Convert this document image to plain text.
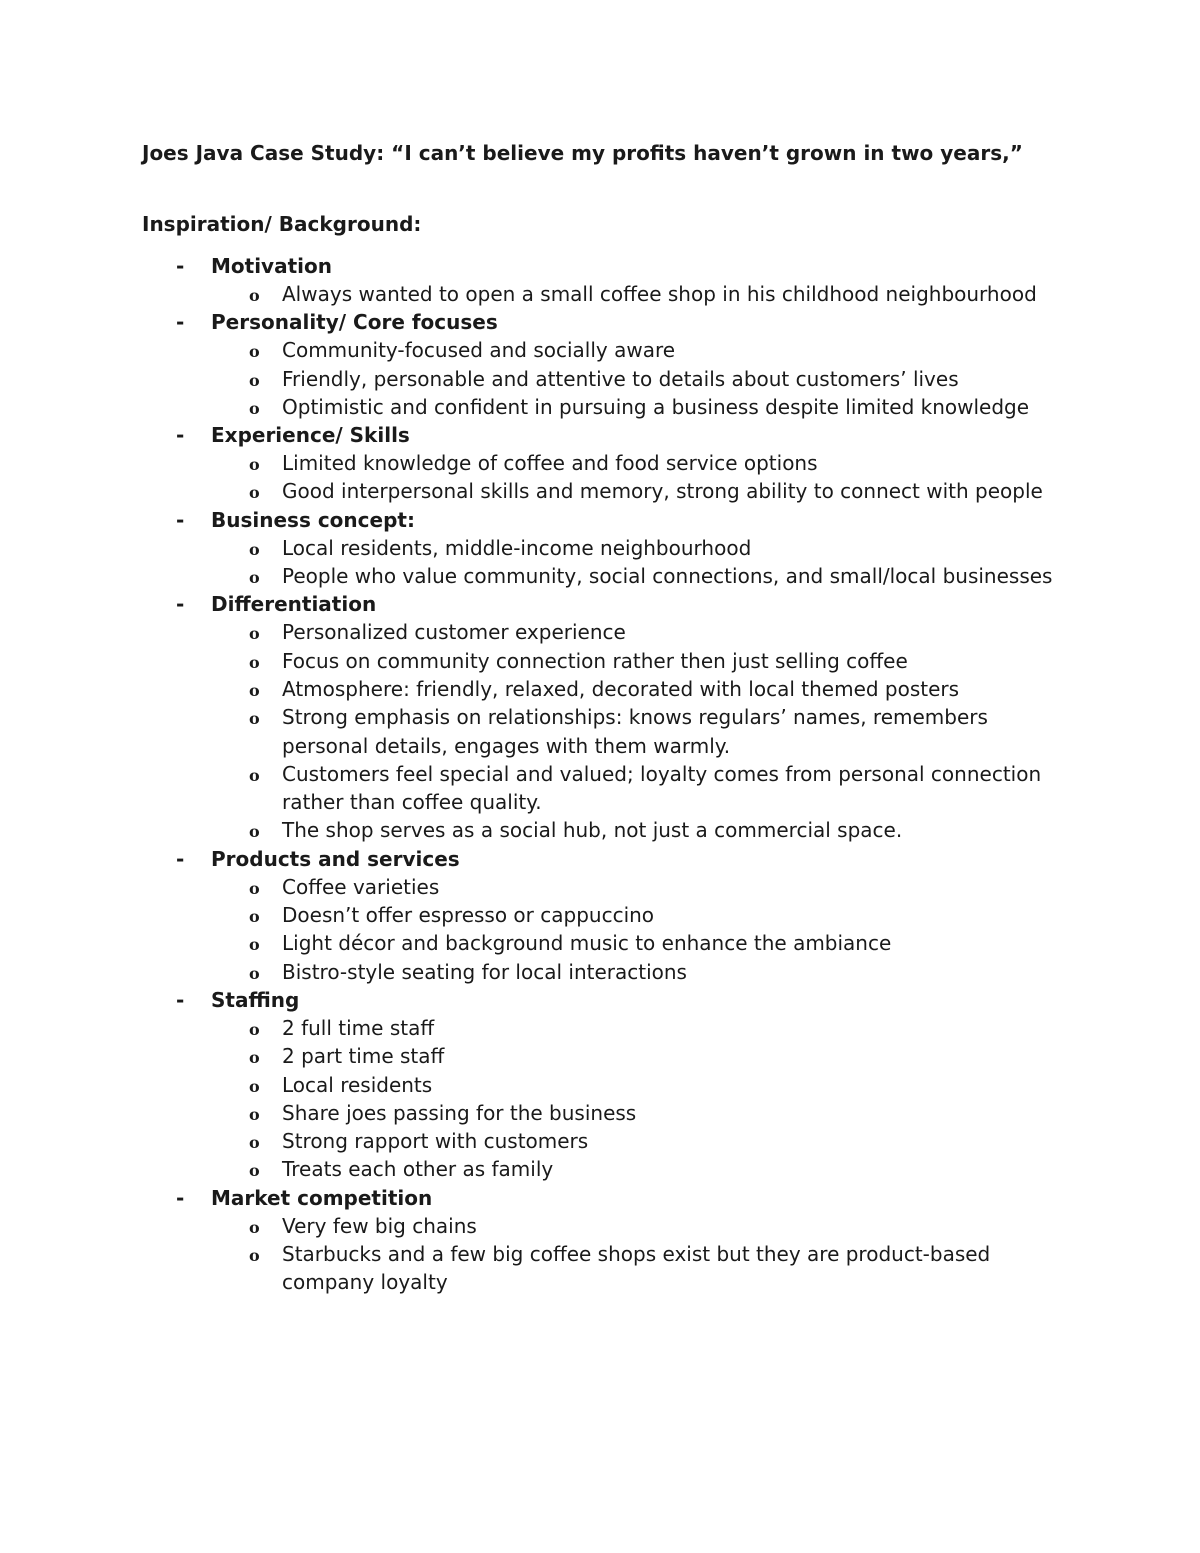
Joes Java Case Study: “I can’t believe my profits haven’t grown in two years,”
Inspiration/ Background:
- Motivation
o Always wanted to open a small coffee shop in his childhood neighbourhood
- Personality/ Core focuses
o Community-focused and socially aware
o Friendly, personable and attentive to details about customers’ lives
o Optimistic and confident in pursuing a business despite limited knowledge
- Experience/ Skills
o Limited knowledge of coffee and food service options
o Good interpersonal skills and memory, strong ability to connect with people
- Business concept:
o Local residents, middle-income neighbourhood
o People who value community, social connections, and small/local businesses
- Differentiation
o Personalized customer experience
o Focus on community connection rather then just selling coffee
o Atmosphere: friendly, relaxed, decorated with local themed posters
o Strong emphasis on relationships: knows regulars’ names, remembers personal details, engages with them warmly.
o Customers feel special and valued; loyalty comes from personal connection rather than coffee quality.
o The shop serves as a social hub, not just a commercial space.
- Products and services
o Coffee varieties
o Doesn’t offer espresso or cappuccino
o Light décor and background music to enhance the ambiance
o Bistro-style seating for local interactions
- Staffing
o 2 full time staff
o 2 part time staff
o Local residents
o Share joes passing for the business
o Strong rapport with customers
o Treats each other as family
- Market competition
o Very few big chains
o Starbucks and a few big coffee shops exist but they are product-based company loyalty
